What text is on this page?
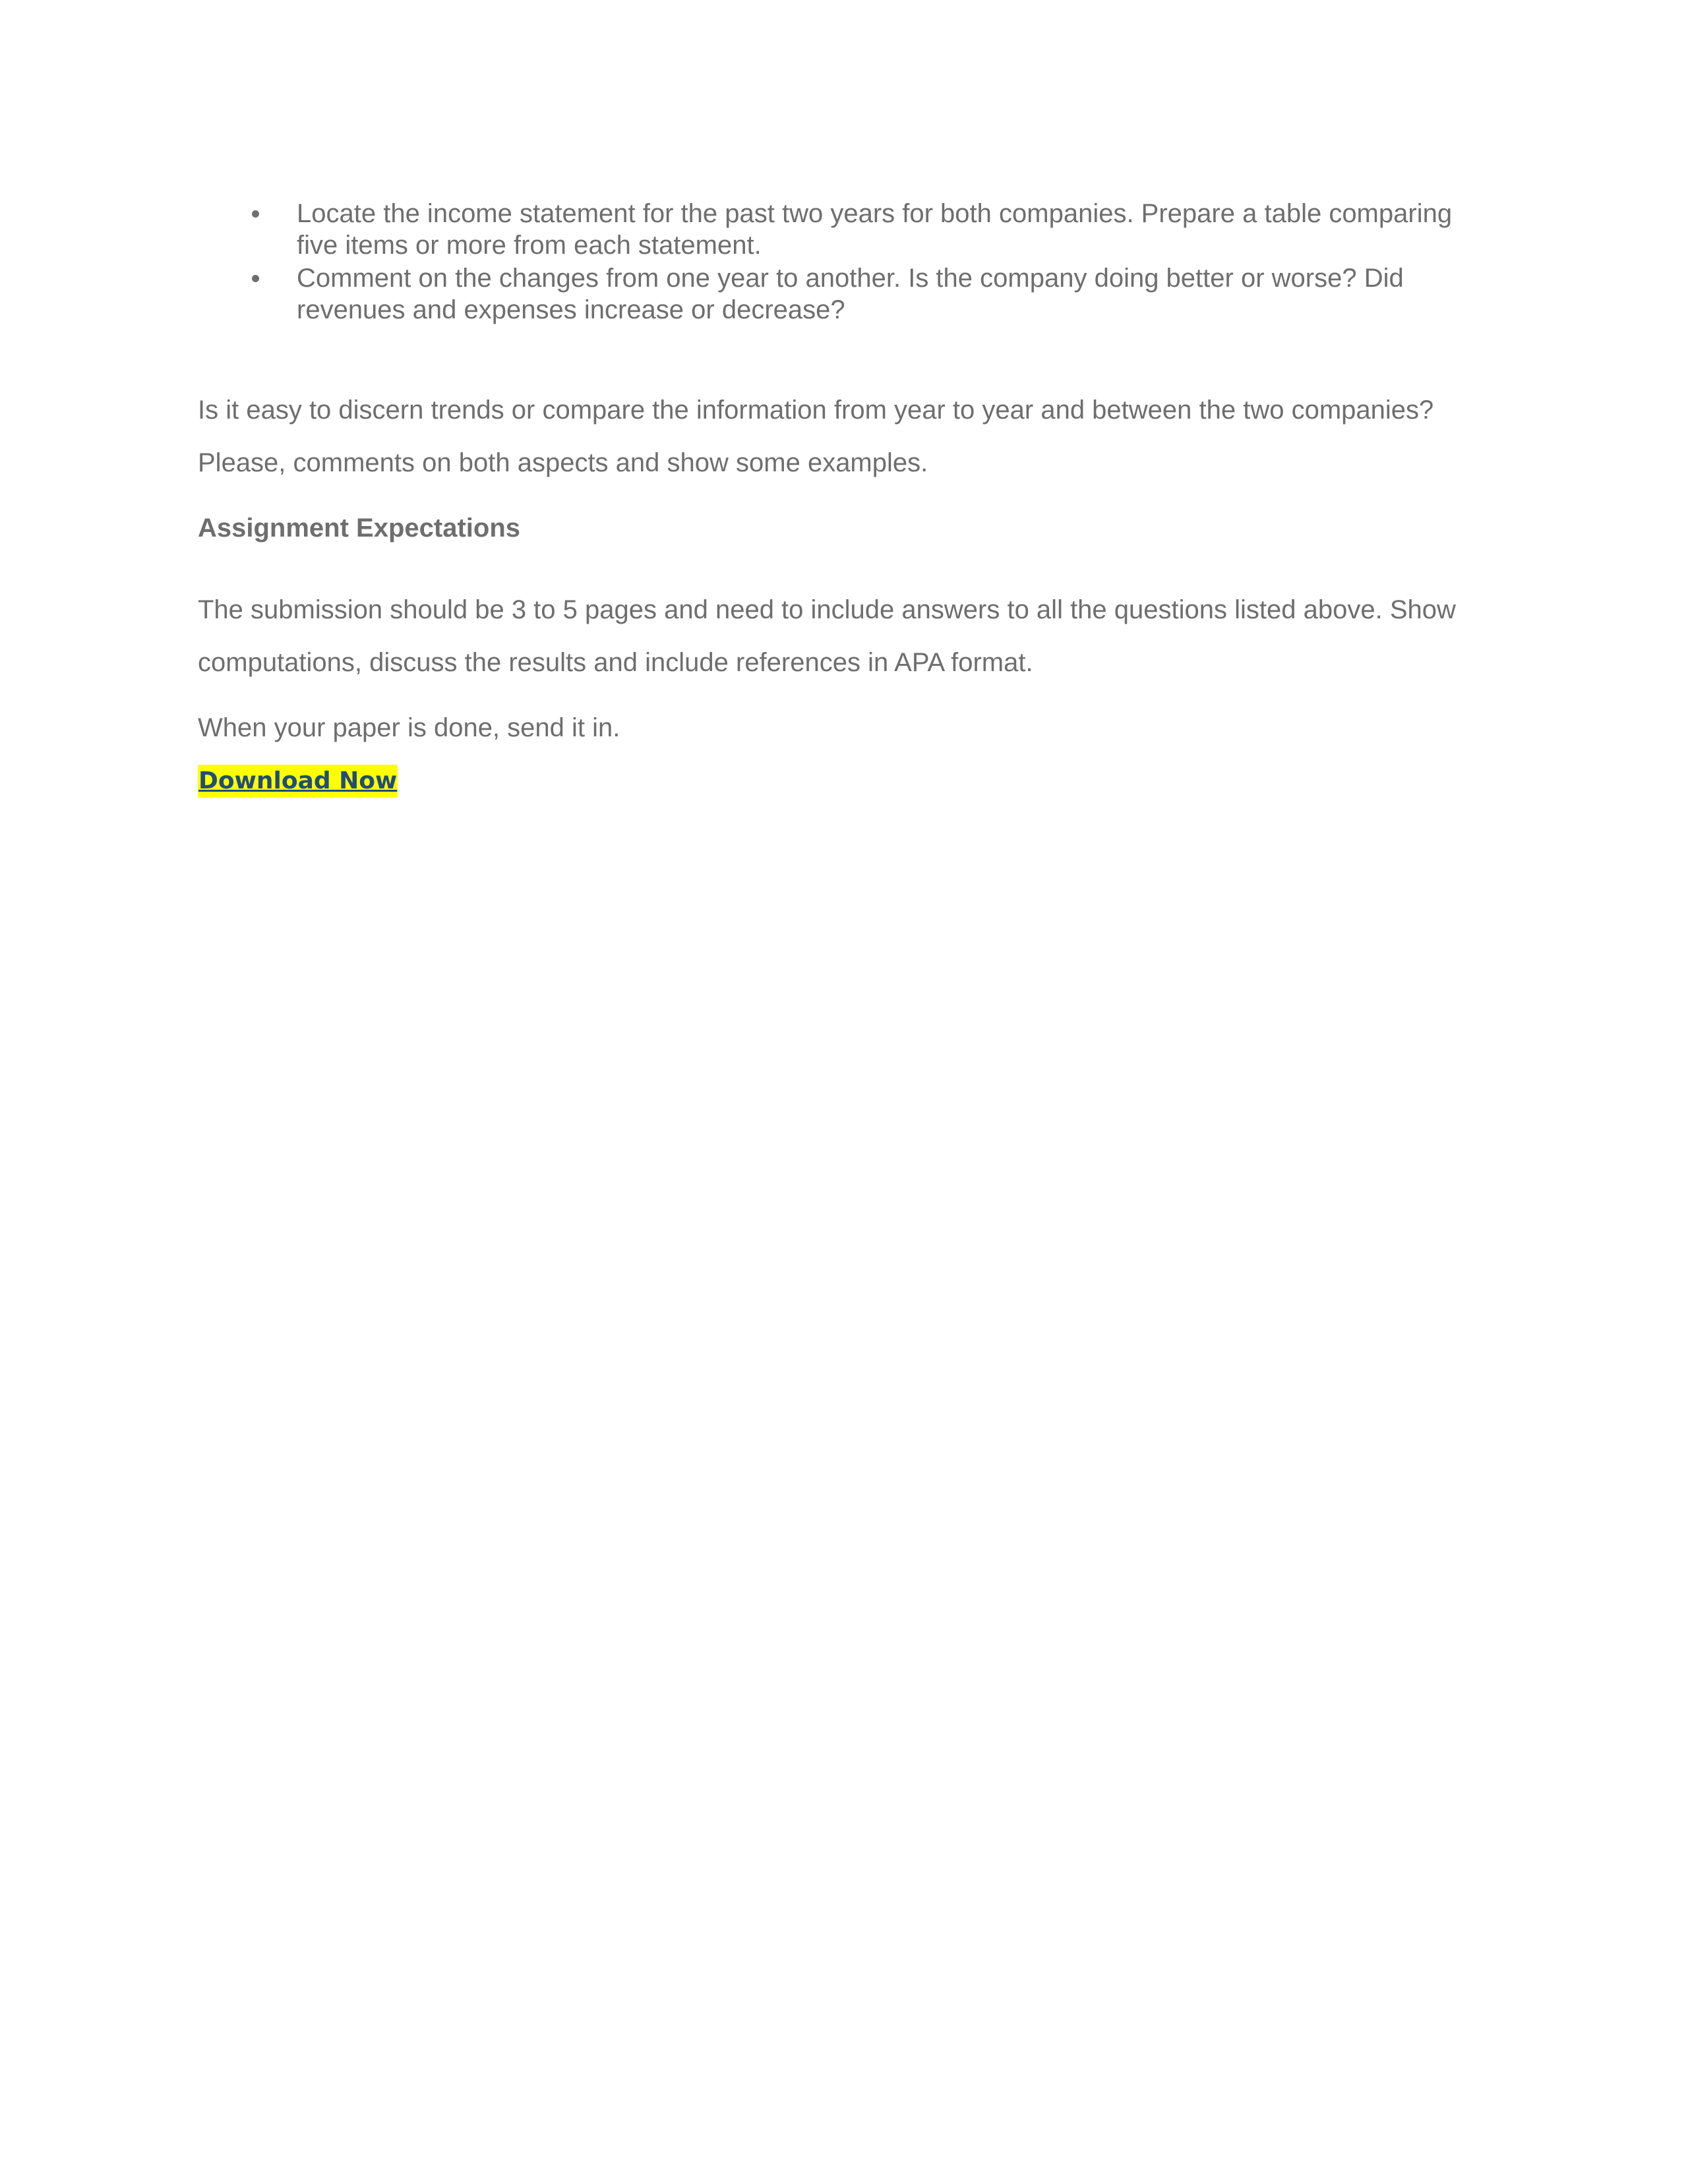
Locate the income statement for the past two years for both companies. Prepare a table comparing five items or more from each statement.
Comment on the changes from one year to another. Is the company doing better or worse? Did revenues and expenses increase or decrease?

Is it easy to discern trends or compare the information from year to year and between the two companies? Please, comments on both aspects and show some examples.

Assignment Expectations

The submission should be 3 to 5 pages and need to include answers to all the questions listed above. Show computations, discuss the results and include references in APA format.

When your paper is done, send it in.

Download Now
